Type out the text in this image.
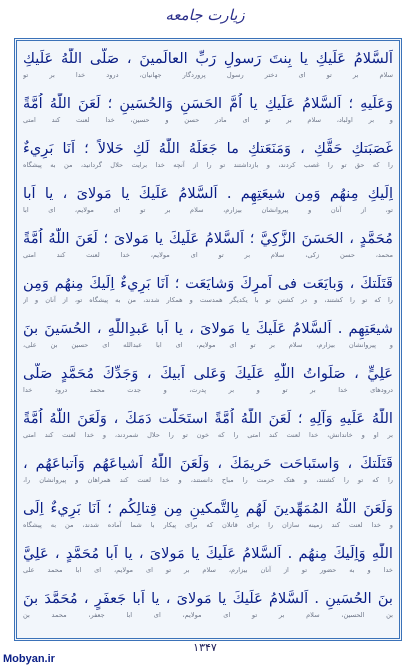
زیارت جامعه
اَلسَّلامُ عَلَيكِ يا بِنتَ رَسولِ رَبِّ العالَمينَ ، صَلَّى اللّٰهُ عَلَيكِ
سلام بر تو ای دختر رسول پروردگار جهانیان، درود خدا بر تو
وَعَلَيهِ ؛ اَلسَّلامُ عَلَيكِ يا اُمَّ الحَسَنِ وَالحُسَينِ ؛ لَعَنَ اللّٰهُ اُمَّةً
و بر اولباد، سلام بر تو ای مادر حسن و حسین، خدا لعنت کند امتی
غَصَبَتكِ حَقَّكِ ، وَمَنَعَتكِ ما جَعَلَهُ اللّٰهُ لَكِ حَلالاً ؛ اَنَا بَرِيءٌ
را که حق تو را غصب کردند، و بازداشتند تو را از آنچه خدا برایت حلال گردانید، من به پیشگاه
اِلَيكِ مِنهُم وَمِن شيعَتِهِم . اَلسَّلامُ عَلَيكَ يا مَولاىَ ، يا اَبا
تو، از آنان و پیروانشان بیزارم، سلام بر تو ای مولایم، ای ابا
مُحَمَّدٍ ، الحَسَنَ الزَّكِيَّ ؛ اَلسَّلامُ عَلَيكَ يا مَولاىَ ؛ لَعَنَ اللّٰهُ اُمَّةً
محمد، حسن زکی، سلام بر تو ای مولایم، خدا لعنت کند امتی
قَتَلَتكَ ، وَبايَعَت فى اَمرِكَ وَشايَعَت ؛ اَنَا بَرِيءٌ اِلَيكَ مِنهُم وَمِن
را که تو را کشتند، و در کشتن تو با یکدیگر همدست و همکار شدند، من به پیشگاه تو، از آنان و از
شيعَتِهِم . اَلسَّلامُ عَلَيكَ يا مَولاىَ ، يا اَبا عَبدِاللّٰهِ ، الحُسَينَ بنَ
و پیروانشان بیزارم، سلام بر تو ای مولایم، ای ابا عبدالله ای حسین بن علی،
عَلِيٍّ ، صَلَواتُ اللّٰهِ عَلَيكَ وَعَلى اَبيكَ ، وَجَدِّكَ مُحَمَّدٍ صَلَّى
درودهای خدا بر تو و بر پدرت، و جدت محمد درود خدا
اللّٰهُ عَلَيهِ وَآلِهِ ؛ لَعَنَ اللّٰهُ اُمَّةً استَحَلَّت دَمَكَ ، وَلَعَنَ اللّٰهُ اُمَّةً
بر او و خاندانش، خدا لعنت کند امتی را که خون تو را حلال شمردند، و خدا لعنت کند امتی
قَتَلَتكَ ، وَاستَباحَت حَريمَكَ ، وَلَعَنَ اللّٰهُ اَشياعَهُم وَاَتباعَهُم ،
را که تو را کشتند، و هتک حرمت را مباح دانستند، و خدا لعنت کند همراهان و پیروانشان را،
وَلَعَنَ اللّٰهُ المُمَهِّدينَ لَهُم بِالتَّمكينِ مِن قِتالِكُم ؛ اَنَا بَرِيءٌ اِلَى
و خدا لعنت کند زمینه سازان را برای قاتلان که برای پیکار با شما آماده شدند، من به پیشگاه
اللّٰهِ وَاِلَيكَ مِنهُم . اَلسَّلامُ عَلَيكَ يا مَولاىَ ، يا اَبا مُحَمَّدٍ ، عَلِيَّ
خدا و به حضور تو از آنان بیزارم، سلام بر تو ای مولایم، ای ابا محمد علی
بنَ الحُسَينِ . اَلسَّلامُ عَلَيكَ يا مَولاىَ ، يا اَبا جَعفَرٍ ، مُحَمَّدَ بنَ
بن الحسین، سلام بر تو ای مولایم، ای ابا جعفر، محمد بن
۱۳۴۷
Mobyan.ir
